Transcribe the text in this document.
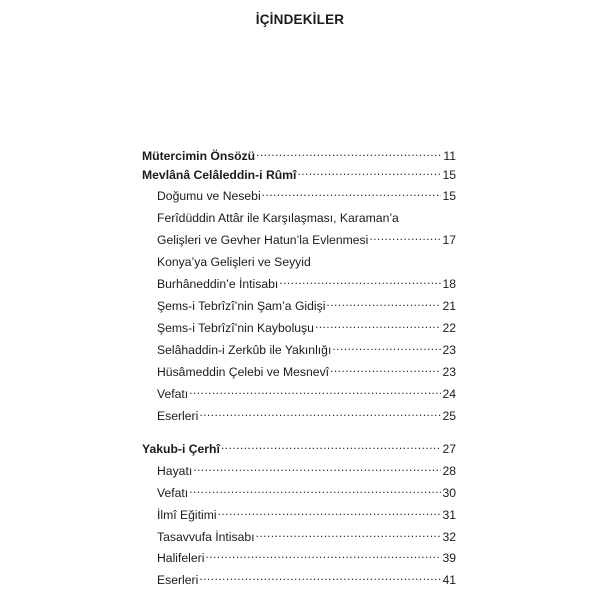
İÇİNDEKİLER
Mütercimin Önsözü .....	11
Mevlânâ Celâleddin-i Rûmî .....	15
Doğumu ve Nesebi .....	15
Ferîdüddin Attâr ile Karşılaşması, Karaman’a
Gelişleri ve Gevher Hatun’la Evlenmesi .....	17
Konya’ya Gelişleri ve Seyyid
Burhâneddin’e İntisabı .....	18
Şems-i Tebrîzî’nin Şam’a Gidişi .....	21
Şems-i Tebrîzî’nin Kayboluşu .....	22
Selâhaddin-i Zerkûb ile Yakınlığı .....	23
Hüsâmeddin Çelebi ve Mesnevî .....	23
Vefatı .....	24
Eserleri .....	25
Yakub-i Çerhî .....	27
Hayatı .....	28
Vefatı .....	30
İlmî Eğitimi .....	31
Tasavvufa İntisabı .....	32
Halifeleri .....	39
Eserleri .....	41
